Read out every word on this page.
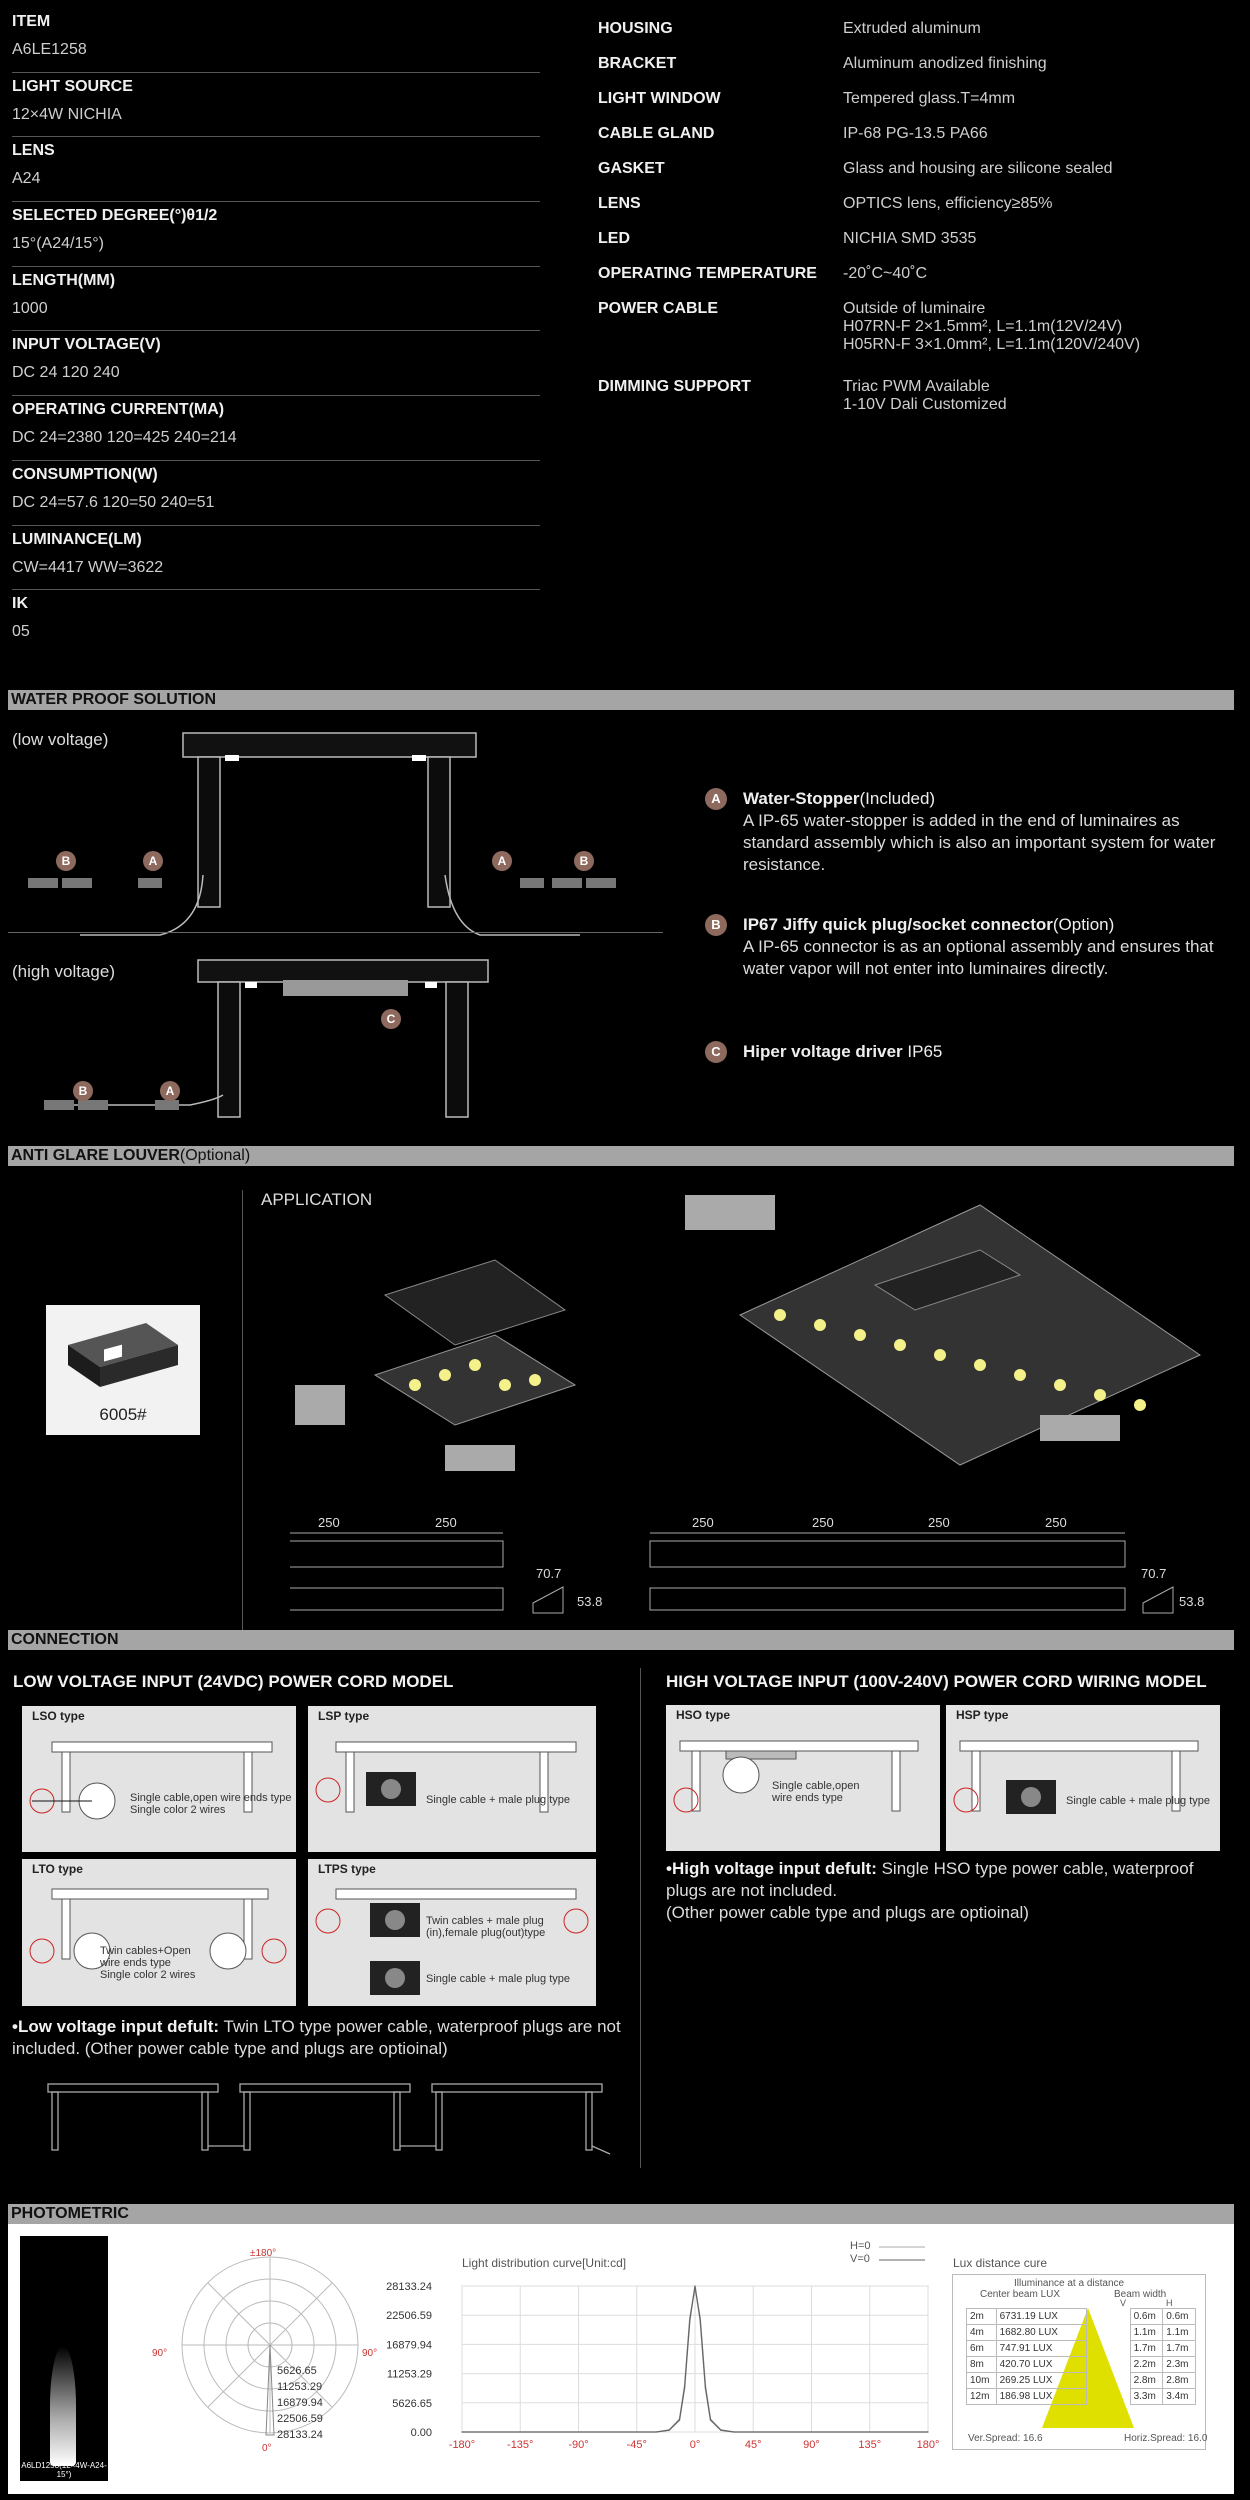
ITEM
A6LE1258
LIGHT SOURCE
12×4W NICHIA
LENS
A24
SELECTED DEGREE(°)θ1/2
15°(A24/15°)
LENGTH(MM)
1000
INPUT VOLTAGE(V)
DC 24 120 240
OPERATING CURRENT(MA)
DC 24=2380 120=425 240=214
CONSUMPTION(W)
DC 24=57.6 120=50 240=51
LUMINANCE(LM)
CW=4417 WW=3622
IK
05
HOUSING	Extruded aluminum
BRACKET	Aluminum anodized finishing
LIGHT WINDOW	Tempered glass.T=4mm
CABLE GLAND	IP-68 PG-13.5 PA66
GASKET	Glass and housing are silicone sealed
LENS	OPTICS lens, efficiency≥85%
LED	NICHIA SMD 3535
OPERATING TEMPERATURE	-20˚C~40˚C
POWER CABLE	Outside of luminaire
H07RN-F 2×1.5mm², L=1.1m(12V/24V)
H05RN-F 3×1.0mm², L=1.1m(120V/240V)
DIMMING SUPPORT	Triac PWM Available
1-10V Dali Customized
WATER PROOF SOLUTION
(low voltage)
(high voltage)
B	A	A	B
B	A
C
A	Water-Stopper(Included)
A IP-65 water-stopper is added in the end of luminaires as standard assembly which is also an important system for water resistance.
B	IP67 Jiffy quick plug/socket connector(Option)
A IP-65 connector is as an optional assembly and ensures that water vapor will not enter into luminaires directly.
C	Hiper voltage driver IP65
ANTI GLARE LOUVER(Optional)
APPLICATION
6005#
250	250	250	250	250	250
70.7
53.8
70.7
53.8
CONNECTION
LOW VOLTAGE INPUT (24VDC) POWER CORD MODEL	HIGH VOLTAGE INPUT (100V-240V) POWER CORD WIRING MODEL
LSO type
Single cable,open wire ends type
Single color 2 wires
LSP type
Single cable + male plug type
LTO type
Twin cables+Open wire ends type
Single color 2 wires
LTPS type
Twin cables + male plug (in),female plug(out)type
Single cable + male plug type
•Low voltage input defult: Twin LTO type power cable, waterproof plugs are not included. (Other power cable type and plugs are optioinal)
HSO type
Single cable,open wire ends type
HSP type
Single cable + male plug type
•High voltage input defult: Single HSO type power cable, waterproof plugs are not included.
(Other power cable type and plugs are optioinal)
PHOTOMETRIC
A6LD1258(12×4W-A24-15°)
±180°
90°	90°
0°
5626.65
11253.29
16879.94
22506.59
28133.24
Light distribution curve[Unit:cd]
H=0
V=0
28133.24
22506.59
16879.94
11253.29
5626.65
0.00
-180°	-135°	-90°	-45°	0°	45°	90°	135°	180°
Lux distance cure
Illuminance at a distance
Center beam LUX	Beam width
V	H
2m	6731.19 LUX		0.6m	0.6m
4m	1682.80 LUX		1.1m	1.1m
6m	747.91 LUX		1.7m	1.7m
8m	420.70 LUX		2.2m	2.3m
10m	269.25 LUX		2.8m	2.8m
12m	186.98 LUX		3.3m	3.4m
Ver.Spread: 16.6	Horiz.Spread: 16.0
